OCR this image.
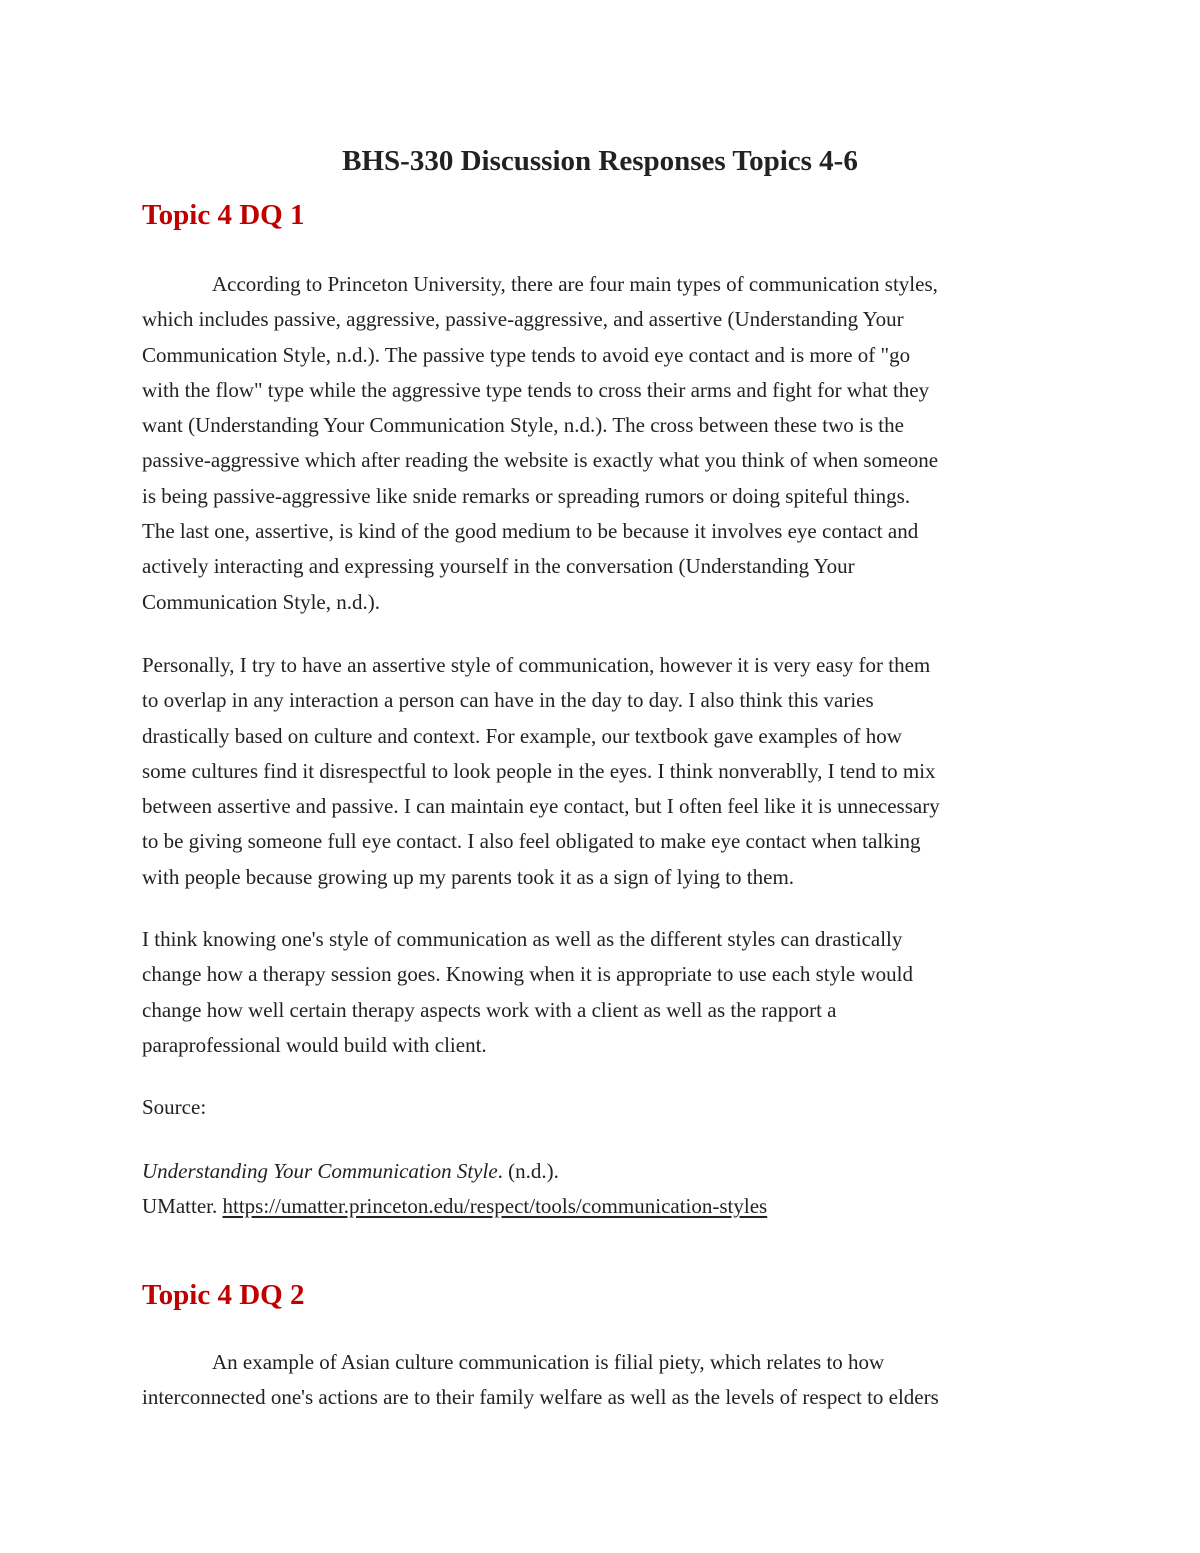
BHS-330 Discussion Responses Topics 4-6
Topic 4 DQ 1

According to Princeton University, there are four main types of communication styles,
which includes passive, aggressive, passive-aggressive, and assertive (Understanding Your
Communication Style, n.d.). The passive type tends to avoid eye contact and is more of "go
with the flow" type while the aggressive type tends to cross their arms and fight for what they
want (Understanding Your Communication Style, n.d.). The cross between these two is the
passive-aggressive which after reading the website is exactly what you think of when someone
is being passive-aggressive like snide remarks or spreading rumors or doing spiteful things.
The last one, assertive, is kind of the good medium to be because it involves eye contact and
actively interacting and expressing yourself in the conversation (Understanding Your
Communication Style, n.d.).

Personally, I try to have an assertive style of communication, however it is very easy for them
to overlap in any interaction a person can have in the day to day. I also think this varies
drastically based on culture and context. For example, our textbook gave examples of how
some cultures find it disrespectful to look people in the eyes. I think nonverablly, I tend to mix
between assertive and passive. I can maintain eye contact, but I often feel like it is unnecessary
to be giving someone full eye contact. I also feel obligated to make eye contact when talking
with people because growing up my parents took it as a sign of lying to them.

I think knowing one's style of communication as well as the different styles can drastically
change how a therapy session goes. Knowing when it is appropriate to use each style would
change how well certain therapy aspects work with a client as well as the rapport a
paraprofessional would build with client.

Source:

Understanding Your Communication Style. (n.d.).
UMatter. https://umatter.princeton.edu/respect/tools/communication-styles

Topic 4 DQ 2

An example of Asian culture communication is filial piety, which relates to how
interconnected one's actions are to their family welfare as well as the levels of respect to elders
